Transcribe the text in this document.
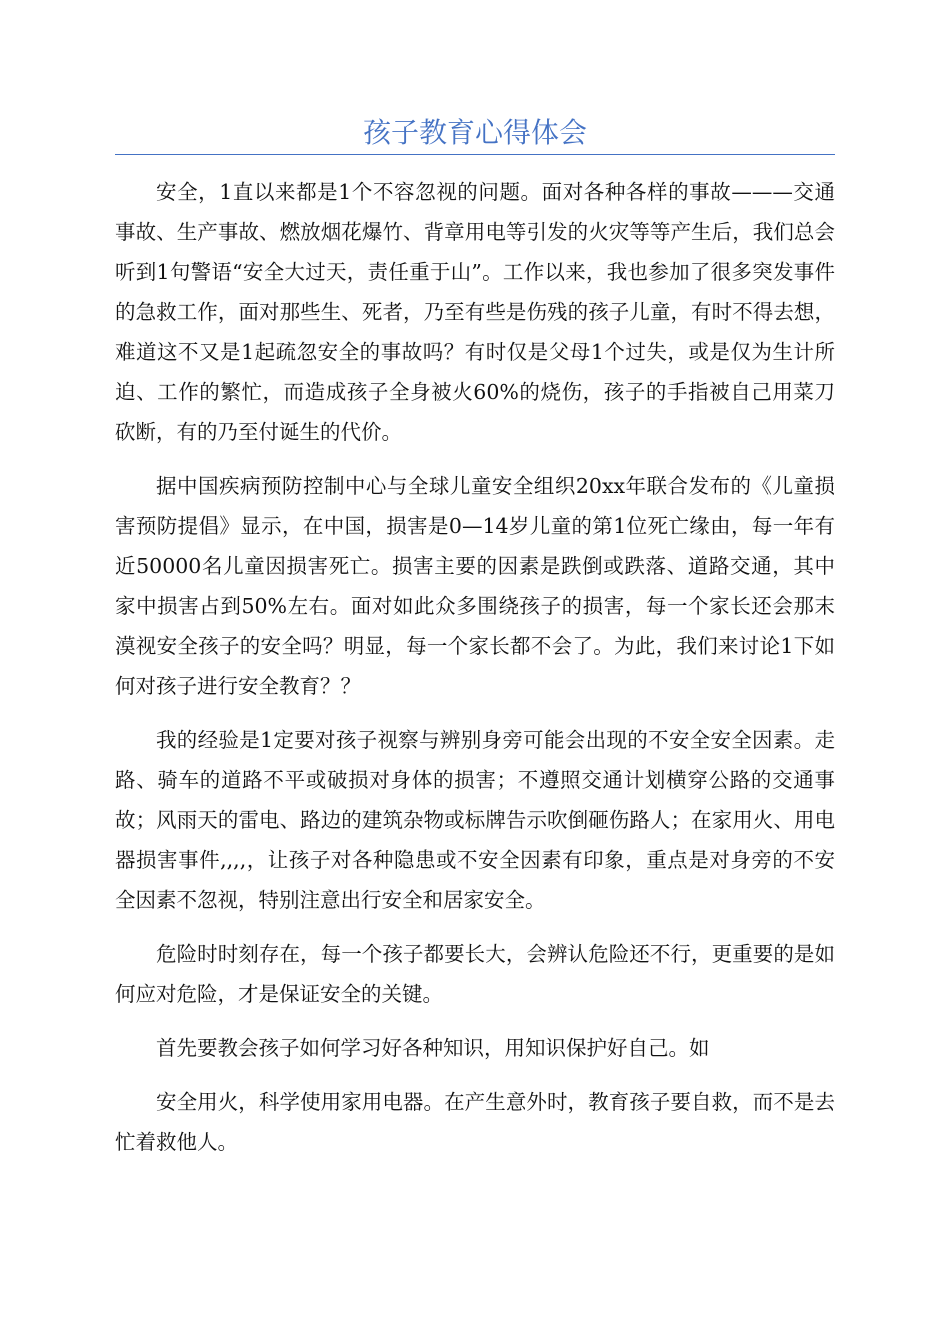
孩子教育心得体会

安全，1直以来都是1个不容忽视的问题。面对各种各样的事故———交通事故、生产事故、燃放烟花爆竹、背章用电等引发的火灾等等产生后，我们总会听到1句警语“安全大过天，责任重于山”。工作以来，我也参加了很多突发事件的急救工作，面对那些生、死者，乃至有些是伤残的孩子儿童，有时不得去想，难道这不又是1起疏忽安全的事故吗？有时仅是父母1个过失，或是仅为生计所迫、工作的繁忙，而造成孩子全身被火60%的烧伤，孩子的手指被自己用菜刀砍断，有的乃至付诞生的代价。

据中国疾病预防控制中心与全球儿童安全组织20xx年联合发布的《儿童损害预防提倡》显示，在中国，损害是0—14岁儿童的第1位死亡缘由，每一年有近50000名儿童因损害死亡。损害主要的因素是跌倒或跌落、道路交通，其中家中损害占到50%左右。面对如此众多围绕孩子的损害，每一个家长还会那末漠视安全孩子的安全吗？明显，每一个家长都不会了。为此，我们来讨论1下如何对孩子进行安全教育？？

我的经验是1定要对孩子视察与辨别身旁可能会出现的不安全安全因素。走路、骑车的道路不平或破损对身体的损害；不遵照交通计划横穿公路的交通事故；风雨天的雷电、路边的建筑杂物或标牌告示吹倒砸伤路人；在家用火、用电器损害事件,,,,，让孩子对各种隐患或不安全因素有印象，重点是对身旁的不安全因素不忽视，特别注意出行安全和居家安全。

危险时时刻存在，每一个孩子都要长大，会辨认危险还不行，更重要的是如何应对危险，才是保证安全的关键。

首先要教会孩子如何学习好各种知识，用知识保护好自己。如

安全用火，科学使用家用电器。在产生意外时，教育孩子要自救，而不是去忙着救他人。
